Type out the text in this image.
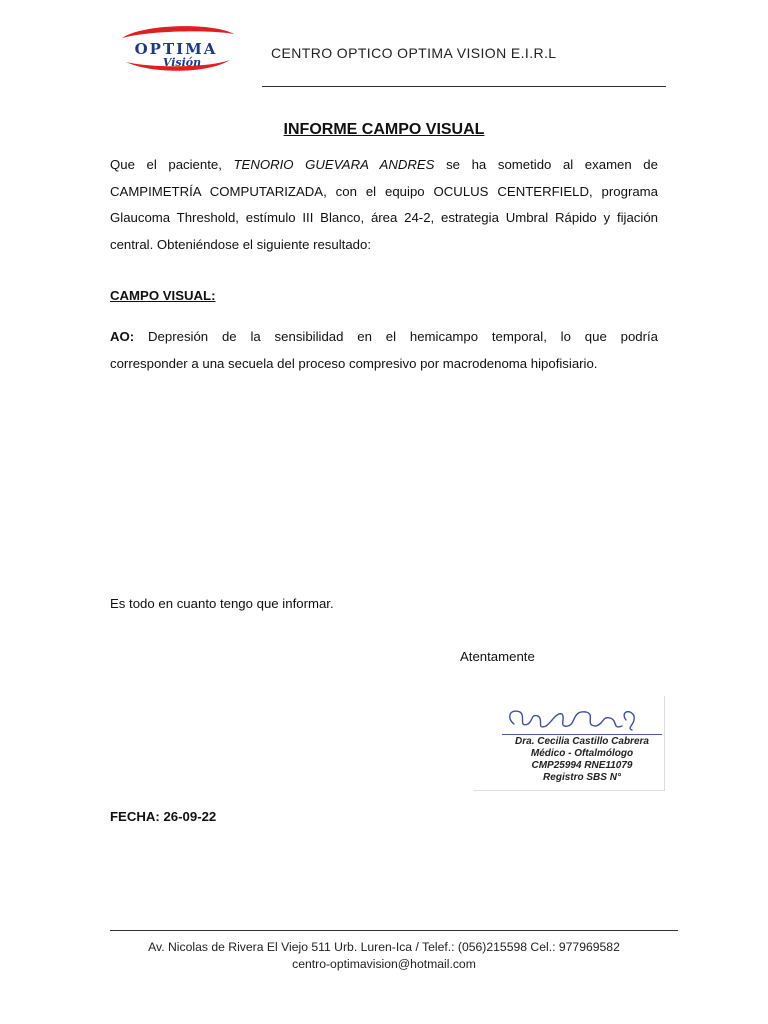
OPTIMA
Visión
CENTRO OPTICO OPTIMA VISION E.I.R.L
INFORME CAMPO VISUAL
Que el paciente, TENORIO GUEVARA ANDRES se ha sometido al examen de
CAMPIMETRÍA COMPUTARIZADA, con el equipo OCULUS CENTERFIELD, programa
Glaucoma Threshold, estímulo III Blanco, área 24-2, estrategia Umbral Rápido y fijación
central. Obteniéndose el siguiente resultado:
CAMPO VISUAL:
AO: Depresión de la sensibilidad en el hemicampo temporal, lo que podría
corresponder a una secuela del proceso compresivo por macrodenoma hipofisiario.
Es todo en cuanto tengo que informar.
Atentamente
Dra. Cecilia Castillo Cabrera
Médico - Oftalmólogo
CMP25994 RNE11079
Registro SBS N°
FECHA: 26-09-22
Av. Nicolas de Rivera El Viejo 511 Urb. Luren-Ica / Telef.: (056)215598 Cel.: 977969582
centro-optimavision@hotmail.com
